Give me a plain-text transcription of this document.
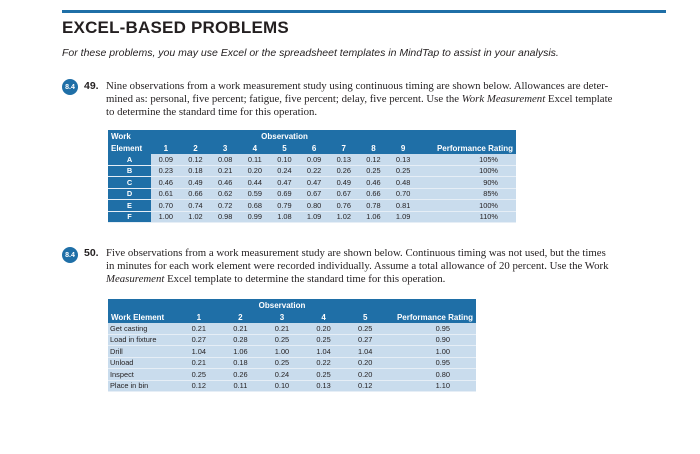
EXCEL-BASED PROBLEMS
For these problems, you may use Excel or the spreadsheet templates in MindTap to assist in your analysis.
8.4 49. Nine observations from a work measurement study using continuous timing are shown below. Allowances are deter-
mined as: personal, five percent; fatigue, five percent; delay, five percent. Use the Work Measurement Excel template
to determine the standard time for this operation.
Work	Observation									
Element	1	2	3	4	5	6	7	8	9	Performance Rating
A	0.09	0.12	0.08	0.11	0.10	0.09	0.13	0.12	0.13	105%
B	0.23	0.18	0.21	0.20	0.24	0.22	0.26	0.25	0.25	100%
C	0.46	0.49	0.46	0.44	0.47	0.47	0.49	0.46	0.48	90%
D	0.61	0.66	0.62	0.59	0.69	0.67	0.67	0.66	0.70	85%
E	0.70	0.74	0.72	0.68	0.79	0.80	0.76	0.78	0.81	100%
F	1.00	1.02	0.98	0.99	1.08	1.09	1.02	1.06	1.09	110%
8.4 50. Five observations from a work measurement study are shown below. Continuous timing was not used, but the times
in minutes for each work element were recorded individually. Assume a total allowance of 20 percent. Use the Work
Measurement Excel template to determine the standard time for this operation.
	Observation					
Work Element	1	2	3	4	5	Performance Rating
Get casting	0.21	0.21	0.21	0.20	0.25	0.95
Load in fixture	0.27	0.28	0.25	0.25	0.27	0.90
Drill	1.04	1.06	1.00	1.04	1.04	1.00
Unload	0.21	0.18	0.25	0.22	0.20	0.95
Inspect	0.25	0.26	0.24	0.25	0.20	0.80
Place in bin	0.12	0.11	0.10	0.13	0.12	1.10
